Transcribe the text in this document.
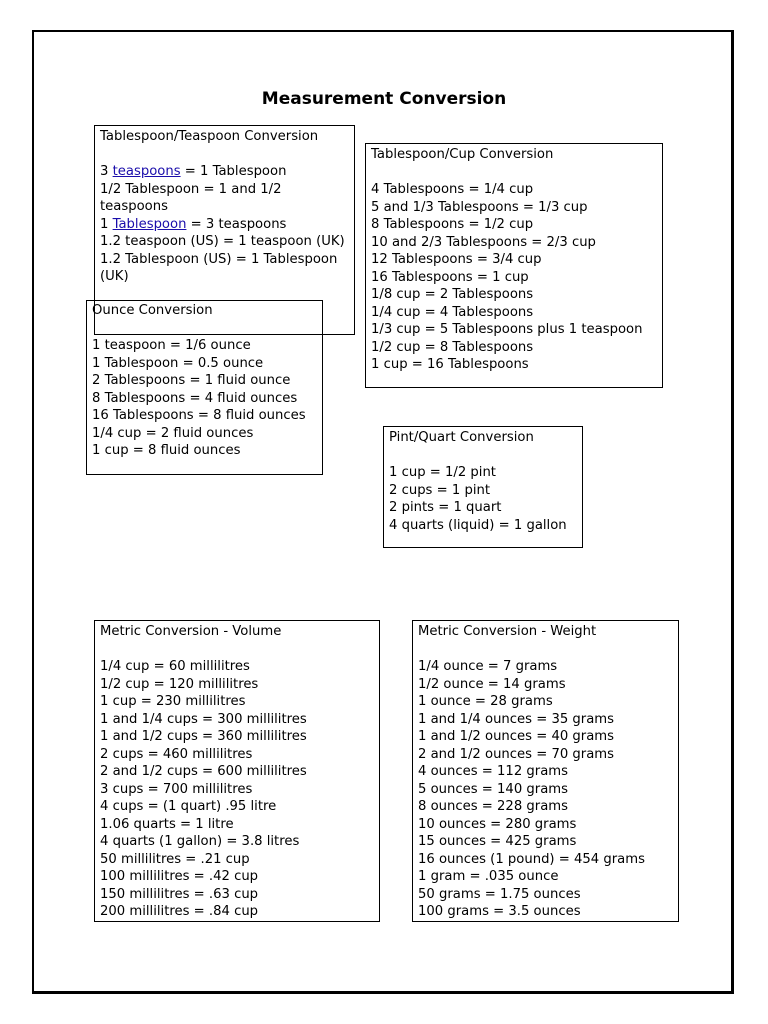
Measurement Conversion
Tablespoon/Teaspoon Conversion
3 teaspoons = 1 Tablespoon
1/2 Tablespoon = 1 and 1/2 teaspoons
1 Tablespoon = 3 teaspoons
1.2 teaspoon (US) = 1 teaspoon (UK)
1.2 Tablespoon (US) = 1 Tablespoon (UK)
Tablespoon/Cup Conversion
4 Tablespoons = 1/4 cup
5 and 1/3 Tablespoons = 1/3 cup
8 Tablespoons = 1/2 cup
10 and 2/3 Tablespoons = 2/3 cup
12 Tablespoons = 3/4 cup
16 Tablespoons = 1 cup
1/8 cup = 2 Tablespoons
1/4 cup = 4 Tablespoons
1/3 cup = 5 Tablespoons plus 1 teaspoon
1/2 cup = 8 Tablespoons
1 cup = 16 Tablespoons
Ounce Conversion
1 teaspoon = 1/6 ounce
1 Tablespoon = 0.5 ounce
2 Tablespoons = 1 fluid ounce
8 Tablespoons = 4 fluid ounces
16 Tablespoons = 8 fluid ounces
1/4 cup = 2 fluid ounces
1 cup = 8 fluid ounces
Pint/Quart Conversion
1 cup = 1/2 pint
2 cups = 1 pint
2 pints = 1 quart
4 quarts (liquid) = 1 gallon
Metric Conversion - Volume
1/4 cup = 60 millilitres
1/2 cup = 120 millilitres
1 cup = 230 millilitres
1 and 1/4 cups = 300 millilitres
1 and 1/2 cups = 360 millilitres
2 cups = 460 millilitres
2 and 1/2 cups = 600 millilitres
3 cups = 700 millilitres
4 cups = (1 quart) .95 litre
1.06 quarts = 1 litre
4 quarts (1 gallon) = 3.8 litres
50 millilitres = .21 cup
100 millilitres = .42 cup
150 millilitres = .63 cup
200 millilitres = .84 cup
Metric Conversion - Weight
1/4 ounce = 7 grams
1/2 ounce = 14 grams
1 ounce = 28 grams
1 and 1/4 ounces = 35 grams
1 and 1/2 ounces = 40 grams
2 and 1/2 ounces = 70 grams
4 ounces = 112 grams
5 ounces = 140 grams
8 ounces = 228 grams
10 ounces = 280 grams
15 ounces = 425 grams
16 ounces (1 pound) = 454 grams
1 gram = .035 ounce
50 grams = 1.75 ounces
100 grams = 3.5 ounces
